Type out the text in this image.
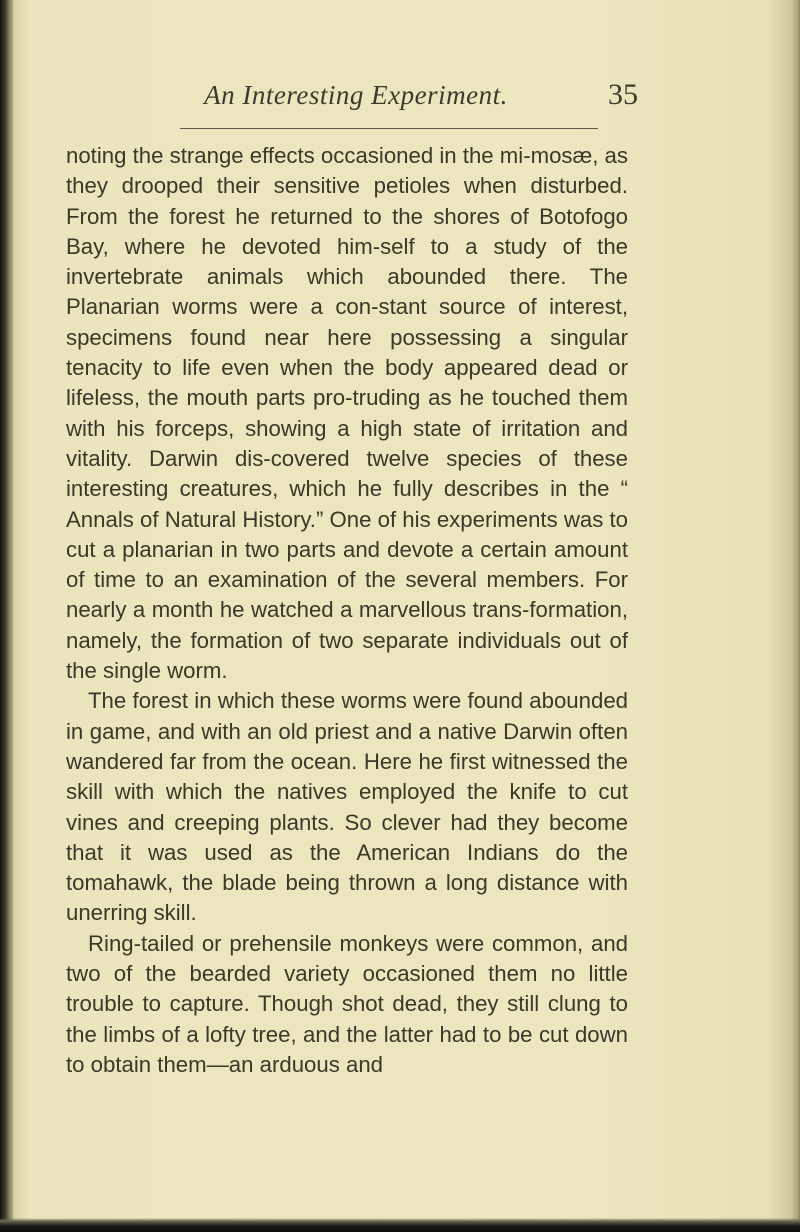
An Interesting Experiment.	35

noting the strange effects occasioned in the mi-mosæ, as they drooped their sensitive petioles when disturbed. From the forest he returned to the shores of Botofogo Bay, where he devoted him-self to a study of the invertebrate animals which abounded there. The Planarian worms were a con-stant source of interest, specimens found near here possessing a singular tenacity to life even when the body appeared dead or lifeless, the mouth parts pro-truding as he touched them with his forceps, showing a high state of irritation and vitality. Darwin dis-covered twelve species of these interesting creatures, which he fully describes in the “ Annals of Natural History.” One of his experiments was to cut a planarian in two parts and devote a certain amount of time to an examination of the several members. For nearly a month he watched a marvellous trans-formation, namely, the formation of two separate individuals out of the single worm.

The forest in which these worms were found abounded in game, and with an old priest and a native Darwin often wandered far from the ocean. Here he first witnessed the skill with which the natives employed the knife to cut vines and creeping plants. So clever had they become that it was used as the American Indians do the tomahawk, the blade being thrown a long distance with unerring skill.

Ring-tailed or prehensile monkeys were common, and two of the bearded variety occasioned them no little trouble to capture. Though shot dead, they still clung to the limbs of a lofty tree, and the latter had to be cut down to obtain them—an arduous and
